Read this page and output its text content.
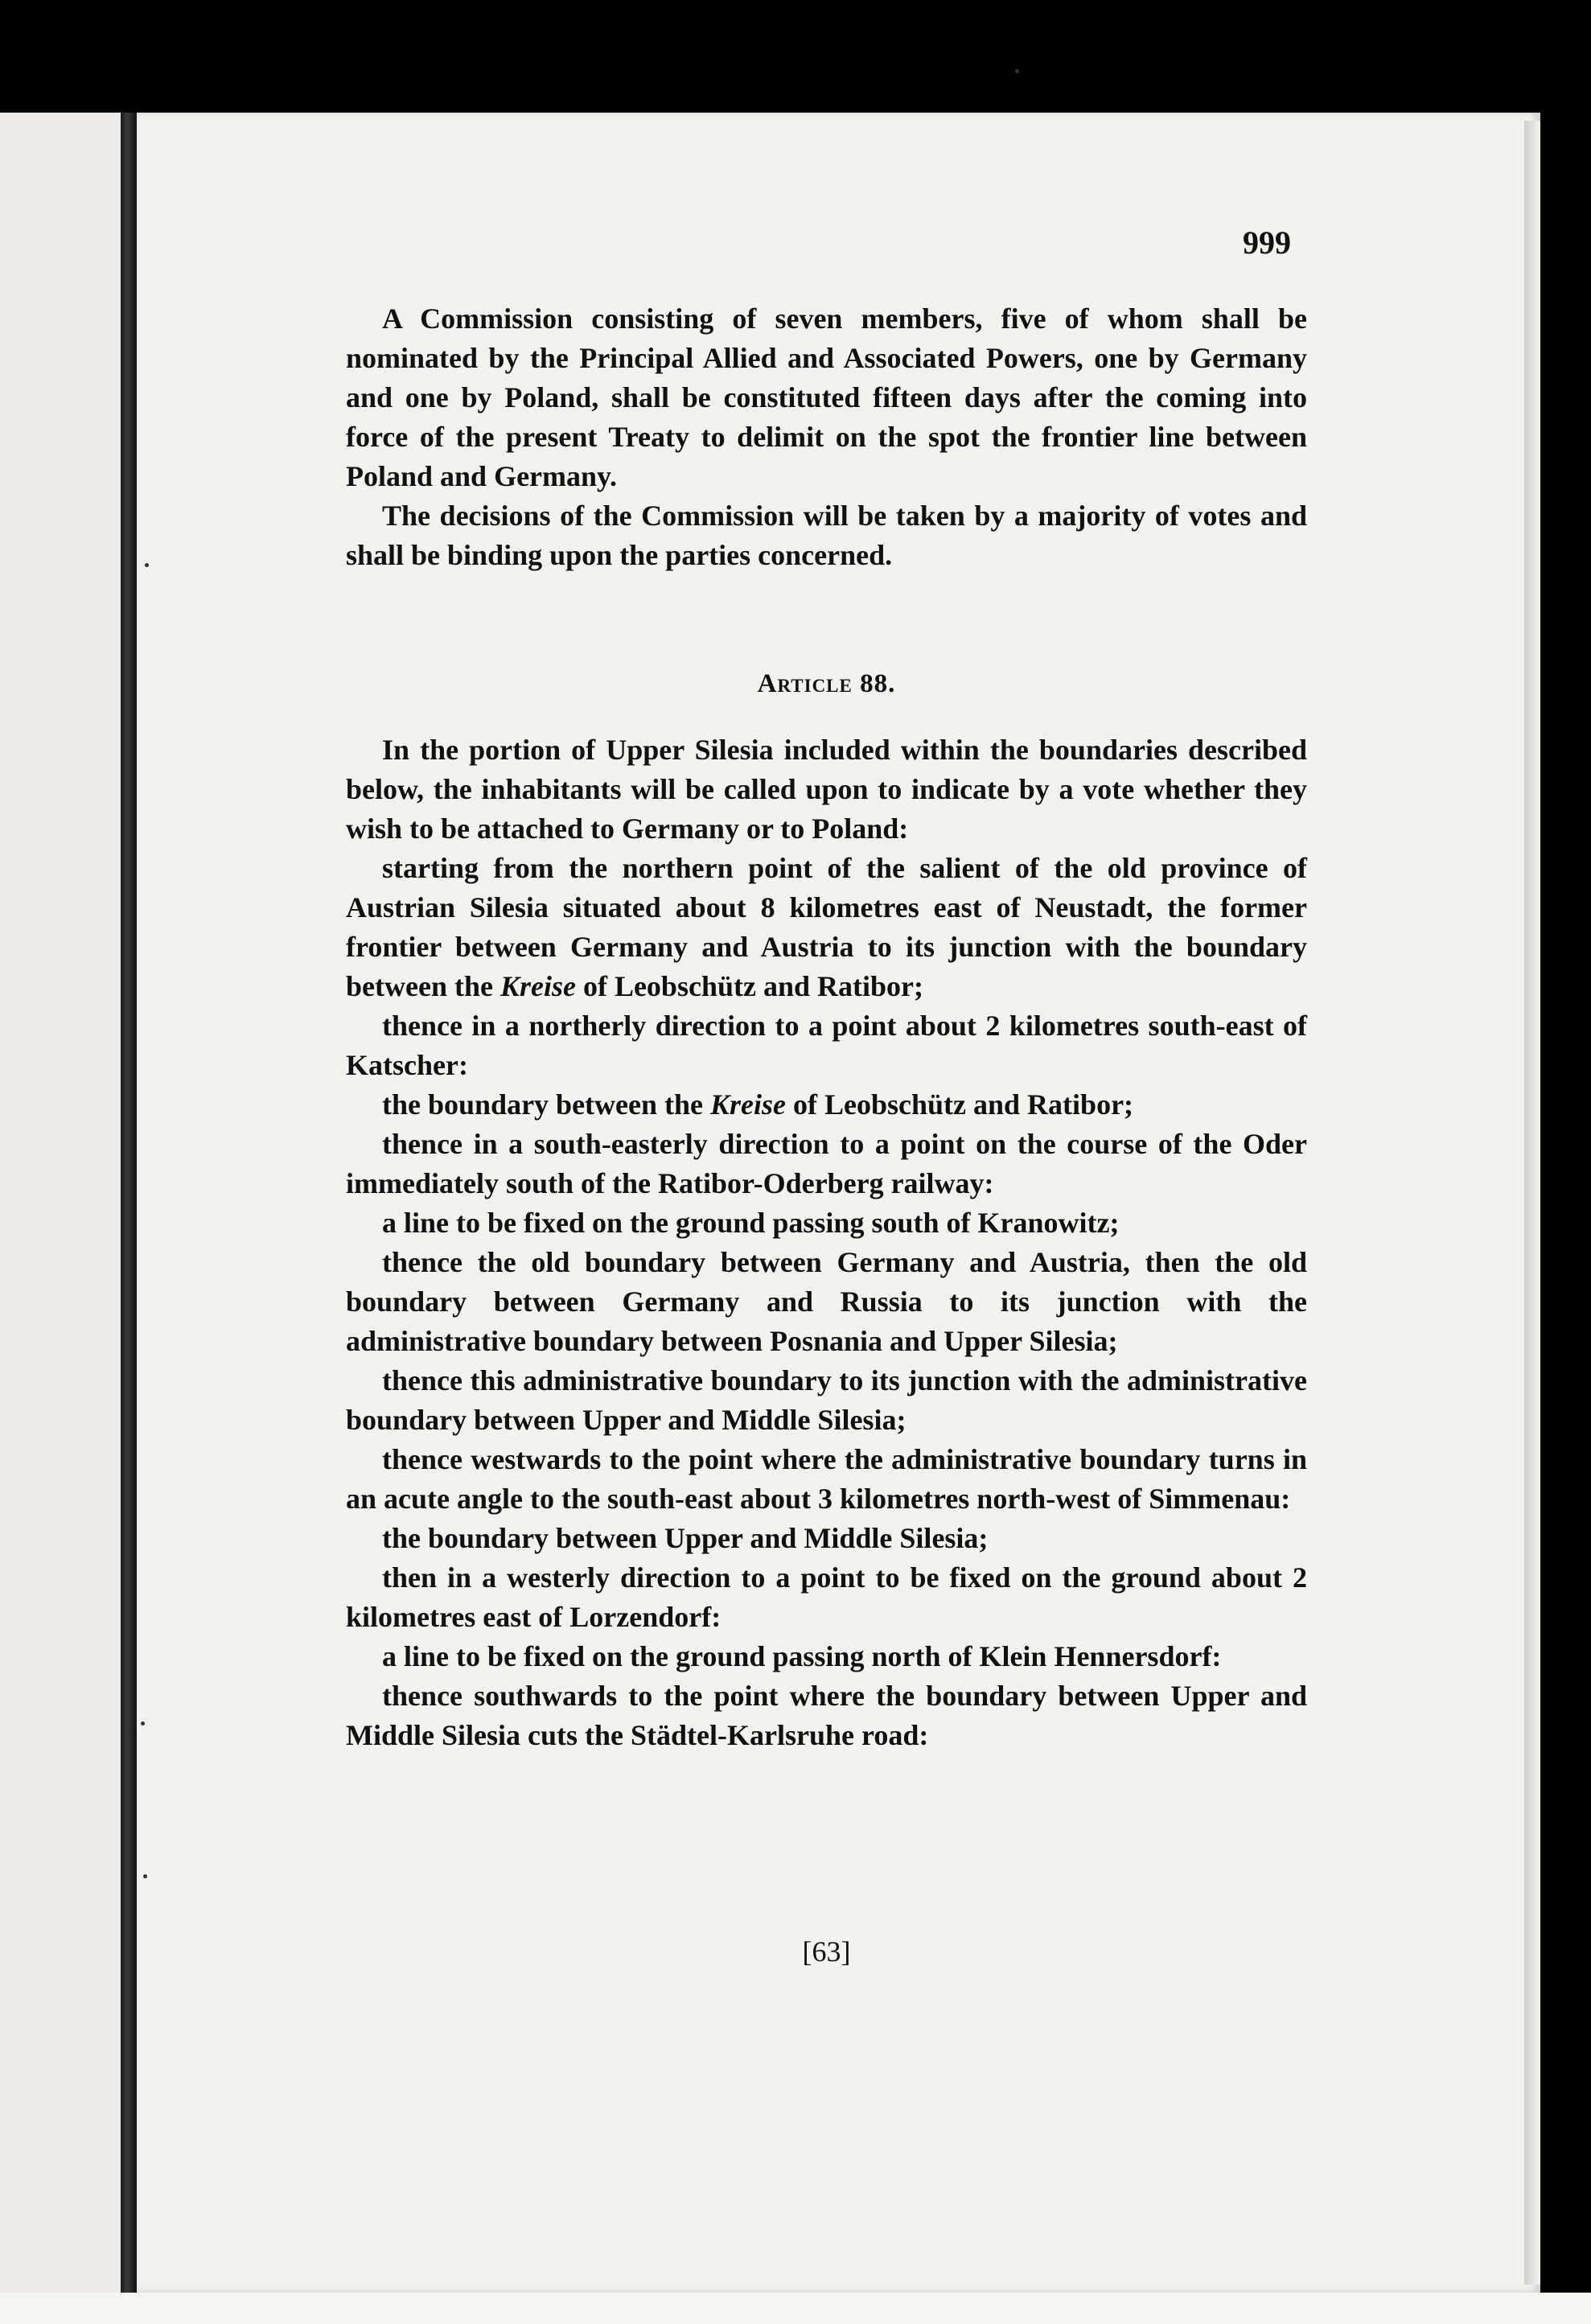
999

A Commission consisting of seven members, five of whom shall be nominated by the Principal Allied and Associated Powers, one by Germany and one by Poland, shall be constituted fifteen days after the coming into force of the present Treaty to delimit on the spot the frontier line between Poland and Germany.

The decisions of the Commission will be taken by a majority of votes and shall be binding upon the parties concerned.

Article 88.

In the portion of Upper Silesia included within the boundaries described below, the inhabitants will be called upon to indicate by a vote whether they wish to be attached to Germany or to Poland:

starting from the northern point of the salient of the old province of Austrian Silesia situated about 8 kilometres east of Neustadt, the former frontier between Germany and Austria to its junction with the boundary between the Kreise of Leobschütz and Ratibor;

thence in a northerly direction to a point about 2 kilometres south-east of Katscher:

the boundary between the Kreise of Leobschütz and Ratibor;

thence in a south-easterly direction to a point on the course of the Oder immediately south of the Ratibor-Oderberg railway:

a line to be fixed on the ground passing south of Kranowitz;

thence the old boundary between Germany and Austria, then the old boundary between Germany and Russia to its junction with the administrative boundary between Posnania and Upper Silesia;

thence this administrative boundary to its junction with the administrative boundary between Upper and Middle Silesia;

thence westwards to the point where the administrative boundary turns in an acute angle to the south-east about 3 kilometres north-west of Simmenau:

the boundary between Upper and Middle Silesia;

then in a westerly direction to a point to be fixed on the ground about 2 kilometres east of Lorzendorf:

a line to be fixed on the ground passing north of Klein Hennersdorf:

thence southwards to the point where the boundary between Upper and Middle Silesia cuts the Städtel-Karlsruhe road:

[63]
